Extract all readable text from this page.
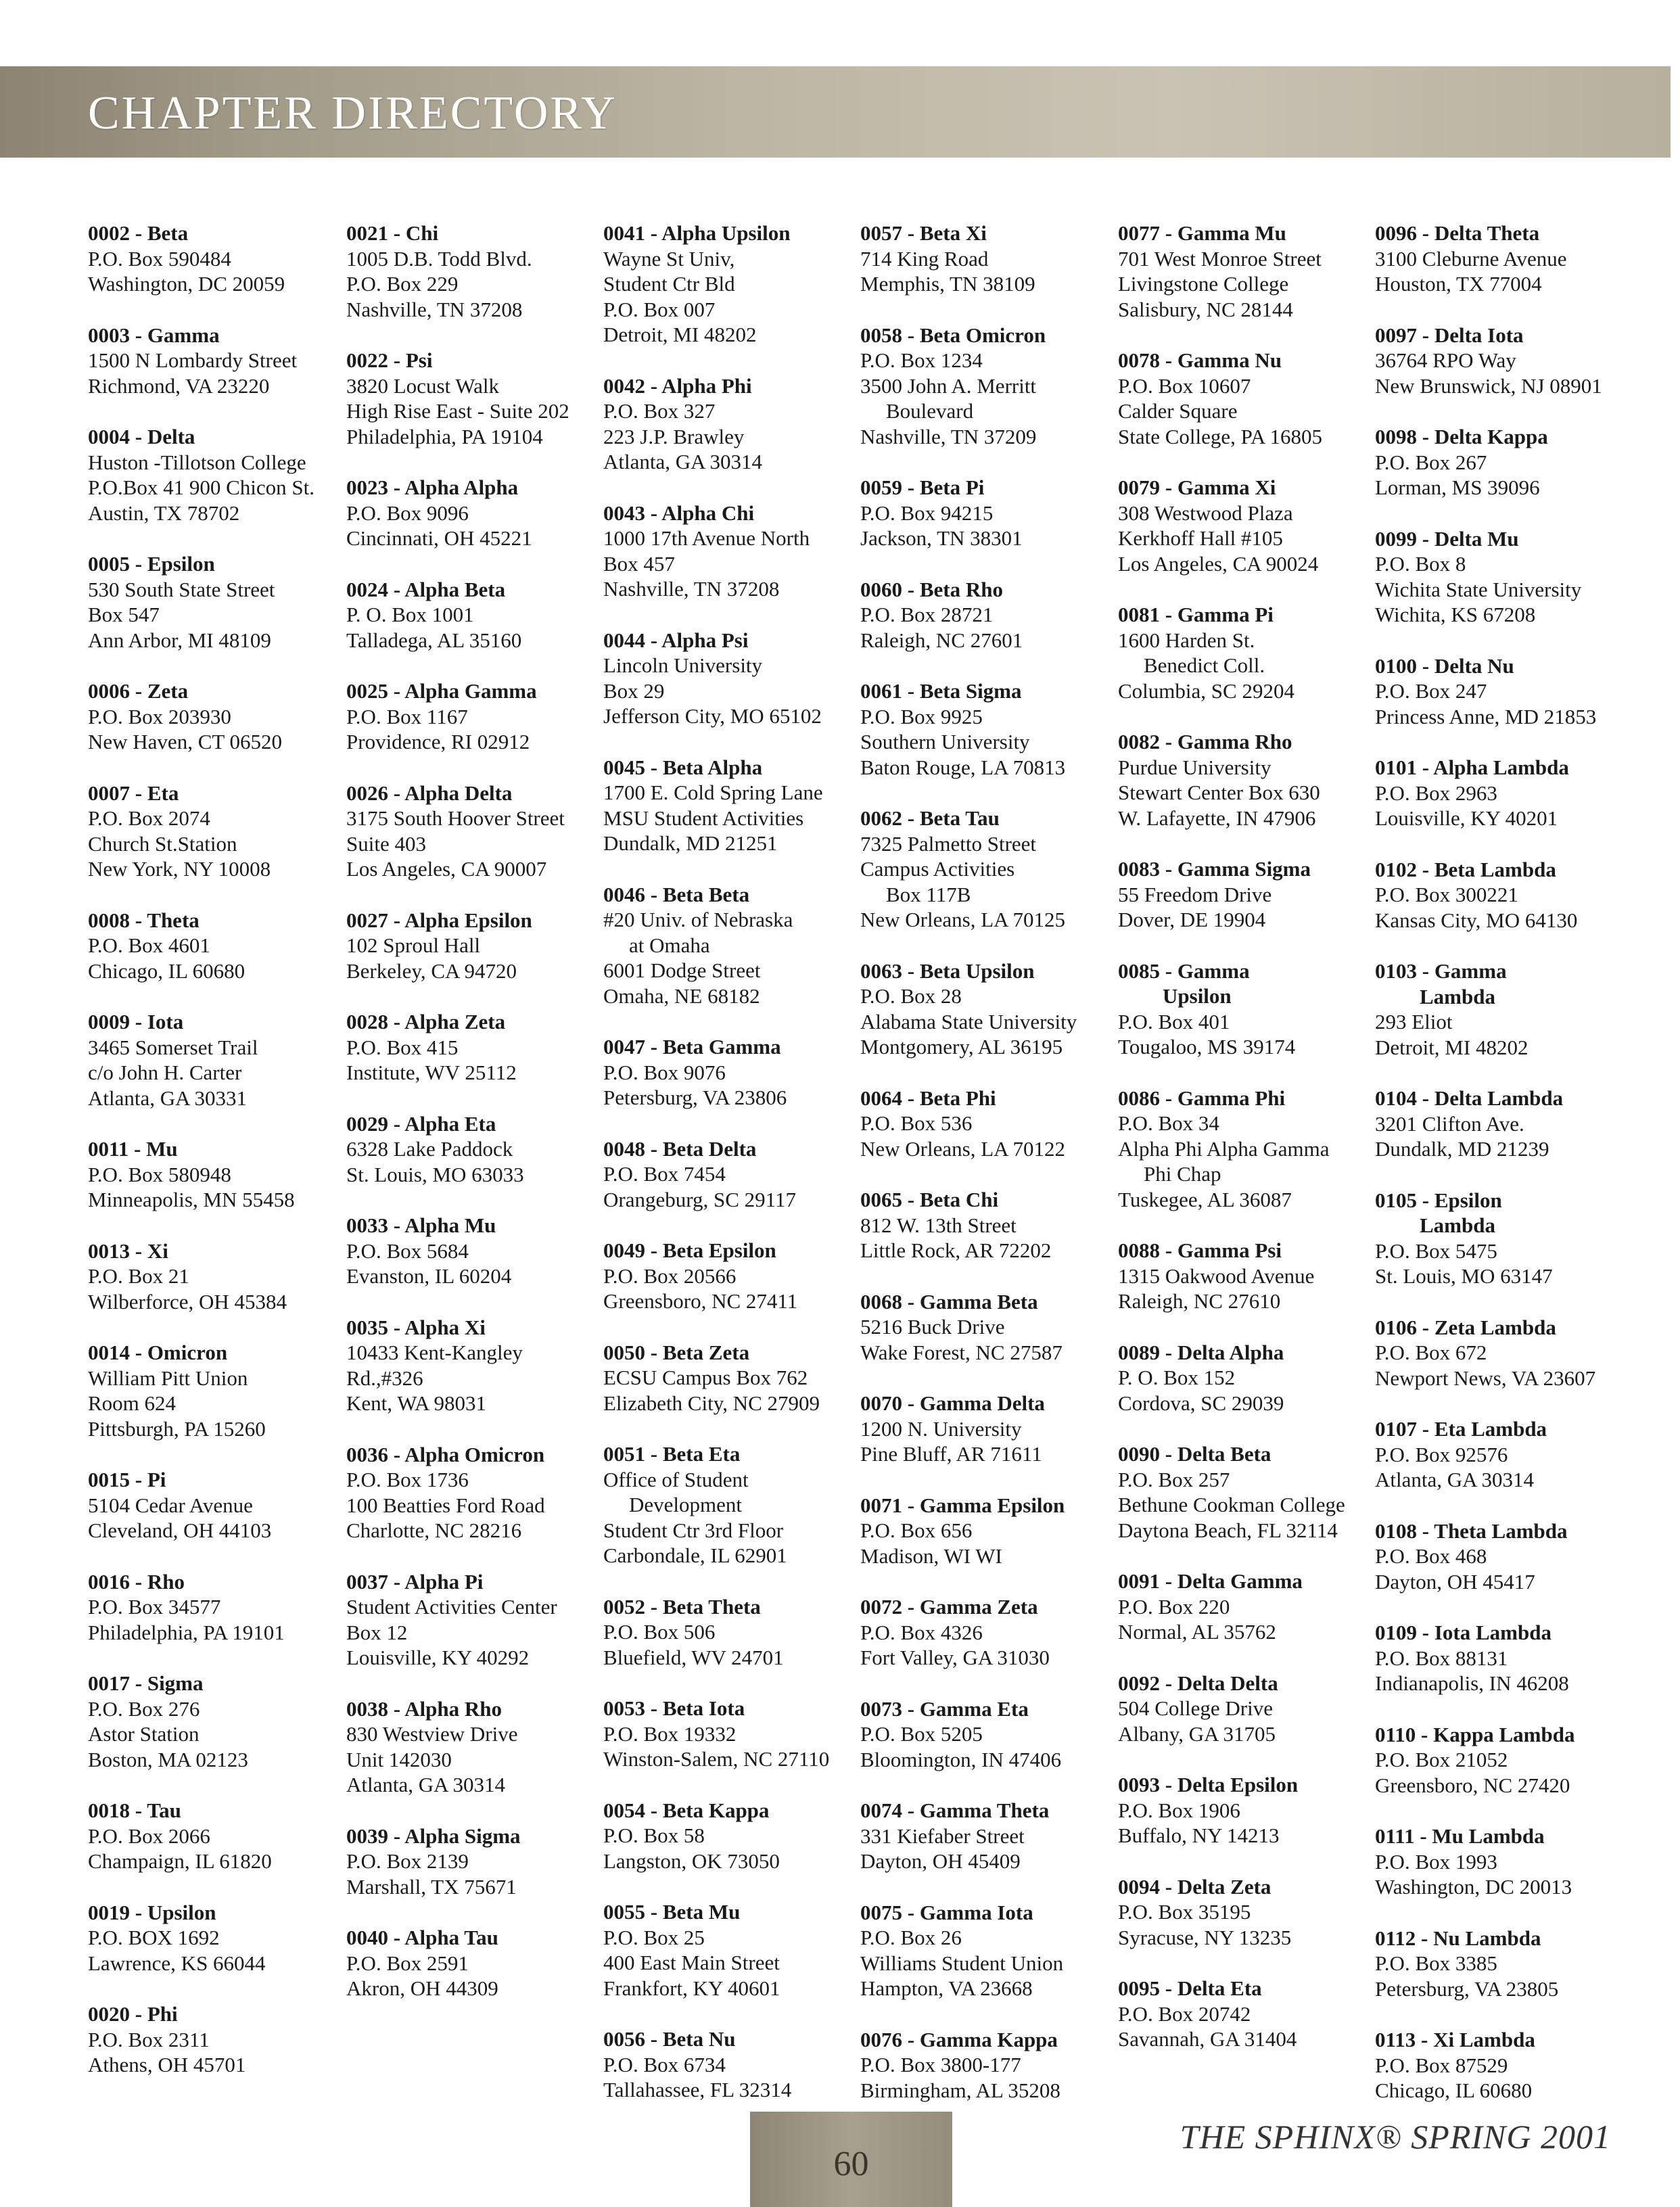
CHAPTER DIRECTORY
0002 - Beta
P.O. Box 590484
Washington, DC 20059
0003 - Gamma
1500 N Lombardy Street
Richmond, VA 23220
0004 - Delta
Huston -Tillotson College
P.O.Box 41 900 Chicon St.
Austin, TX 78702
0005 - Epsilon
530 South State Street
Box 547
Ann Arbor, MI 48109
0006 - Zeta
P.O. Box 203930
New Haven, CT 06520
0007 - Eta
P.O. Box 2074
Church St.Station
New York, NY 10008
0008 - Theta
P.O. Box 4601
Chicago, IL 60680
0009 - Iota
3465 Somerset Trail
c/o John H. Carter
Atlanta, GA 30331
0011 - Mu
P.O. Box 580948
Minneapolis, MN 55458
0013 - Xi
P.O. Box 21
Wilberforce, OH 45384
0014 - Omicron
William Pitt Union
Room 624
Pittsburgh, PA 15260
0015 - Pi
5104 Cedar Avenue
Cleveland, OH 44103
0016 - Rho
P.O. Box 34577
Philadelphia, PA 19101
0017 - Sigma
P.O. Box 276
Astor Station
Boston, MA 02123
0018 - Tau
P.O. Box 2066
Champaign, IL 61820
0019 - Upsilon
P.O. BOX 1692
Lawrence, KS 66044
0020 - Phi
P.O. Box 2311
Athens, OH 45701
0021 - Chi
1005 D.B. Todd Blvd.
P.O. Box 229
Nashville, TN 37208
0022 - Psi
3820 Locust Walk
High Rise East - Suite 202
Philadelphia, PA 19104
0023 - Alpha Alpha
P.O. Box 9096
Cincinnati, OH 45221
0024 - Alpha Beta
P. O. Box 1001
Talladega, AL 35160
0025 - Alpha Gamma
P.O. Box 1167
Providence, RI 02912
0026 - Alpha Delta
3175 South Hoover Street
Suite 403
Los Angeles, CA 90007
0027 - Alpha Epsilon
102 Sproul Hall
Berkeley, CA 94720
0028 - Alpha Zeta
P.O. Box 415
Institute, WV 25112
0029 - Alpha Eta
6328 Lake Paddock
St. Louis, MO 63033
0033 - Alpha Mu
P.O. Box 5684
Evanston, IL 60204
0035 - Alpha Xi
10433 Kent-Kangley
Rd.,#326
Kent, WA 98031
0036 - Alpha Omicron
P.O. Box 1736
100 Beatties Ford Road
Charlotte, NC 28216
0037 - Alpha Pi
Student Activities Center
Box 12
Louisville, KY 40292
0038 - Alpha Rho
830 Westview Drive
Unit 142030
Atlanta, GA 30314
0039 - Alpha Sigma
P.O. Box 2139
Marshall, TX 75671
0040 - Alpha Tau
P.O. Box 2591
Akron, OH 44309
0041 - Alpha Upsilon
Wayne St Univ,
Student Ctr Bld
P.O. Box 007
Detroit, MI 48202
0042 - Alpha Phi
P.O. Box 327
223 J.P. Brawley
Atlanta, GA 30314
0043 - Alpha Chi
1000 17th Avenue North
Box 457
Nashville, TN 37208
0044 - Alpha Psi
Lincoln University
Box 29
Jefferson City, MO 65102
0045 - Beta Alpha
1700 E. Cold Spring Lane
MSU Student Activities
Dundalk, MD 21251
0046 - Beta Beta
#20 Univ. of Nebraska
at Omaha
6001 Dodge Street
Omaha, NE 68182
0047 - Beta Gamma
P.O. Box 9076
Petersburg, VA 23806
0048 - Beta Delta
P.O. Box 7454
Orangeburg, SC 29117
0049 - Beta Epsilon
P.O. Box 20566
Greensboro, NC 27411
0050 - Beta Zeta
ECSU Campus Box 762
Elizabeth City, NC 27909
0051 - Beta Eta
Office of Student
Development
Student Ctr 3rd Floor
Carbondale, IL 62901
0052 - Beta Theta
P.O. Box 506
Bluefield, WV 24701
0053 - Beta Iota
P.O. Box 19332
Winston-Salem, NC 27110
0054 - Beta Kappa
P.O. Box 58
Langston, OK 73050
0055 - Beta Mu
P.O. Box 25
400 East Main Street
Frankfort, KY 40601
0056 - Beta Nu
P.O. Box 6734
Tallahassee, FL 32314
0057 - Beta Xi
714 King Road
Memphis, TN 38109
0058 - Beta Omicron
P.O. Box 1234
3500 John A. Merritt
Boulevard
Nashville, TN 37209
0059 - Beta Pi
P.O. Box 94215
Jackson, TN 38301
0060 - Beta Rho
P.O. Box 28721
Raleigh, NC 27601
0061 - Beta Sigma
P.O. Box 9925
Southern University
Baton Rouge, LA 70813
0062 - Beta Tau
7325 Palmetto Street
Campus Activities
Box 117B
New Orleans, LA 70125
0063 - Beta Upsilon
P.O. Box 28
Alabama State University
Montgomery, AL 36195
0064 - Beta Phi
P.O. Box 536
New Orleans, LA 70122
0065 - Beta Chi
812 W. 13th Street
Little Rock, AR 72202
0068 - Gamma Beta
5216 Buck Drive
Wake Forest, NC 27587
0070 - Gamma Delta
1200 N. University
Pine Bluff, AR 71611
0071 - Gamma Epsilon
P.O. Box 656
Madison, WI WI
0072 - Gamma Zeta
P.O. Box 4326
Fort Valley, GA 31030
0073 - Gamma Eta
P.O. Box 5205
Bloomington, IN 47406
0074 - Gamma Theta
331 Kiefaber Street
Dayton, OH 45409
0075 - Gamma Iota
P.O. Box 26
Williams Student Union
Hampton, VA 23668
0076 - Gamma Kappa
P.O. Box 3800-177
Birmingham, AL 35208
0077 - Gamma Mu
701 West Monroe Street
Livingstone College
Salisbury, NC 28144
0078 - Gamma Nu
P.O. Box 10607
Calder Square
State College, PA 16805
0079 - Gamma Xi
308 Westwood Plaza
Kerkhoff Hall #105
Los Angeles, CA 90024
0081 - Gamma Pi
1600 Harden St.
Benedict Coll.
Columbia, SC 29204
0082 - Gamma Rho
Purdue University
Stewart Center Box 630
W. Lafayette, IN 47906
0083 - Gamma Sigma
55 Freedom Drive
Dover, DE 19904
0085 - Gamma
Upsilon
P.O. Box 401
Tougaloo, MS 39174
0086 - Gamma Phi
P.O. Box 34
Alpha Phi Alpha Gamma
Phi Chap
Tuskegee, AL 36087
0088 - Gamma Psi
1315 Oakwood Avenue
Raleigh, NC 27610
0089 - Delta Alpha
P. O. Box 152
Cordova, SC 29039
0090 - Delta Beta
P.O. Box 257
Bethune Cookman College
Daytona Beach, FL 32114
0091 - Delta Gamma
P.O. Box 220
Normal, AL 35762
0092 - Delta Delta
504 College Drive
Albany, GA 31705
0093 - Delta Epsilon
P.O. Box 1906
Buffalo, NY 14213
0094 - Delta Zeta
P.O. Box 35195
Syracuse, NY 13235
0095 - Delta Eta
P.O. Box 20742
Savannah, GA 31404
0096 - Delta Theta
3100 Cleburne Avenue
Houston, TX 77004
0097 - Delta Iota
36764 RPO Way
New Brunswick, NJ 08901
0098 - Delta Kappa
P.O. Box 267
Lorman, MS 39096
0099 - Delta Mu
P.O. Box 8
Wichita State University
Wichita, KS 67208
0100 - Delta Nu
P.O. Box 247
Princess Anne, MD 21853
0101 - Alpha Lambda
P.O. Box 2963
Louisville, KY 40201
0102 - Beta Lambda
P.O. Box 300221
Kansas City, MO 64130
0103 - Gamma
Lambda
293 Eliot
Detroit, MI 48202
0104 - Delta Lambda
3201 Clifton Ave.
Dundalk, MD 21239
0105 - Epsilon
Lambda
P.O. Box 5475
St. Louis, MO 63147
0106 - Zeta Lambda
P.O. Box 672
Newport News, VA 23607
0107 - Eta Lambda
P.O. Box 92576
Atlanta, GA 30314
0108 - Theta Lambda
P.O. Box 468
Dayton, OH 45417
0109 - Iota Lambda
P.O. Box 88131
Indianapolis, IN 46208
0110 - Kappa Lambda
P.O. Box 21052
Greensboro, NC 27420
0111 - Mu Lambda
P.O. Box 1993
Washington, DC 20013
0112 - Nu Lambda
P.O. Box 3385
Petersburg, VA 23805
0113 - Xi Lambda
P.O. Box 87529
Chicago, IL 60680
60
THE SPHINX® SPRING 2001
